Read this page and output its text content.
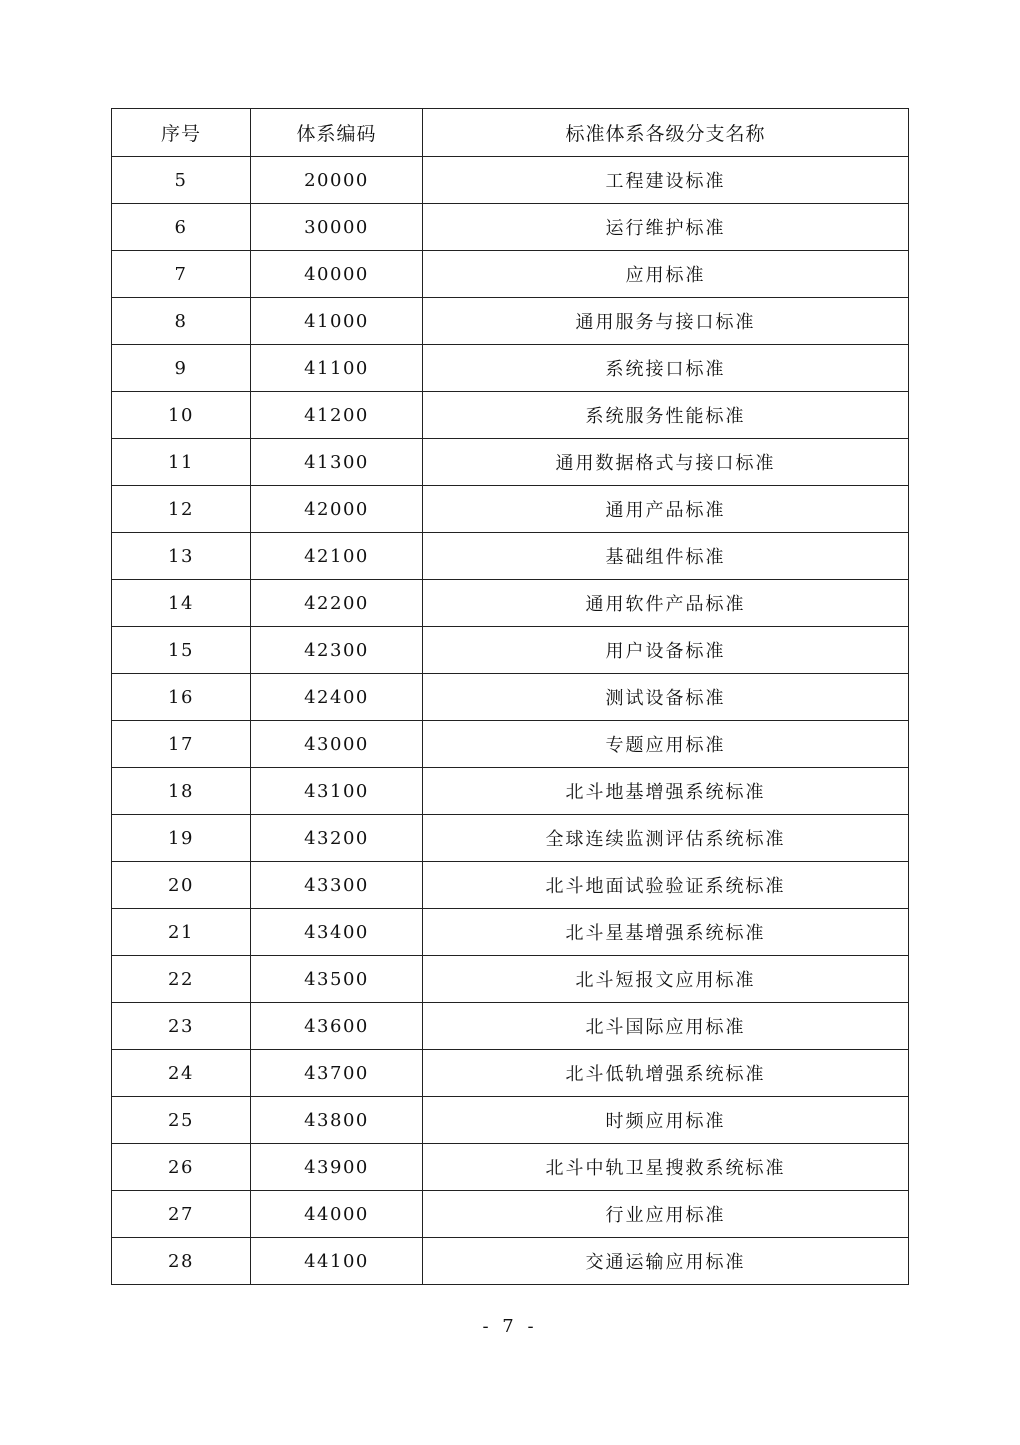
序号	体系编码	标准体系各级分支名称
5	20000	工程建设标准
6	30000	运行维护标准
7	40000	应用标准
8	41000	通用服务与接口标准
9	41100	系统接口标准
10	41200	系统服务性能标准
11	41300	通用数据格式与接口标准
12	42000	通用产品标准
13	42100	基础组件标准
14	42200	通用软件产品标准
15	42300	用户设备标准
16	42400	测试设备标准
17	43000	专题应用标准
18	43100	北斗地基增强系统标准
19	43200	全球连续监测评估系统标准
20	43300	北斗地面试验验证系统标准
21	43400	北斗星基增强系统标准
22	43500	北斗短报文应用标准
23	43600	北斗国际应用标准
24	43700	北斗低轨增强系统标准
25	43800	时频应用标准
26	43900	北斗中轨卫星搜救系统标准
27	44000	行业应用标准
28	44100	交通运输应用标准
- 7 -
